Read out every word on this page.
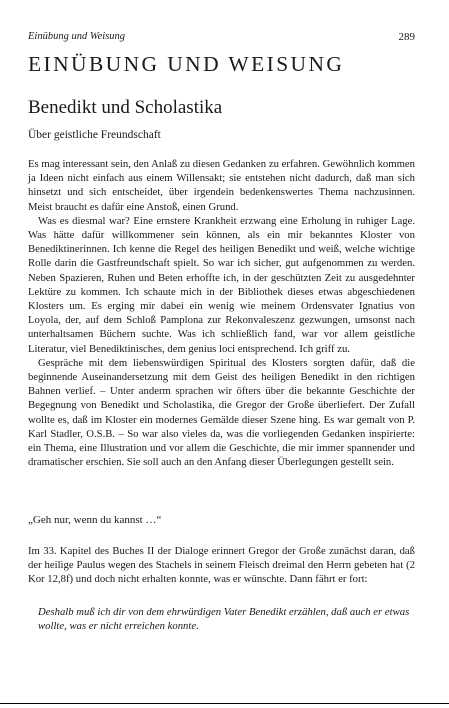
Einübung und Weisung	289
EINÜBUNG UND WEISUNG
Benedikt und Scholastika
Über geistliche Freundschaft

Es mag interessant sein, den Anlaß zu diesen Gedanken zu erfahren. Gewöhnlich kommen ja Ideen nicht einfach aus einem Willensakt; sie entstehen nicht dadurch, daß man sich hinsetzt und sich entscheidet, über irgendein bedenkenswertes Thema nachzusinnen. Meist braucht es dafür eine Anstoß, einen Grund.

Was es diesmal war? Eine ernstere Krankheit erzwang eine Erholung in ruhiger Lage. Was hätte dafür willkommener sein können, als ein mir bekanntes Kloster von Benediktinerinnen. Ich kenne die Regel des heiligen Benedikt und weiß, welche wichtige Rolle darin die Gastfreundschaft spielt. So war ich sicher, gut aufgenommen zu werden. Neben Spazieren, Ruhen und Beten erhoffte ich, in der geschützten Zeit zu ausgedehnter Lektüre zu kommen. Ich schaute mich in der Bibliothek dieses etwas abgeschiedenen Klosters um. Es erging mir dabei ein wenig wie meinem Ordensvater Ignatius von Loyola, der, auf dem Schloß Pamplona zur Rekonvaleszenz gezwungen, umsonst nach unterhaltsamen Büchern suchte. Was ich schließlich fand, war vor allem geistliche Literatur, viel Benediktinisches, dem genius loci entsprechend. Ich griff zu.

Gespräche mit dem liebenswürdigen Spiritual des Klosters sorgten dafür, daß die beginnende Auseinandersetzung mit dem Geist des heiligen Benedikt in den richtigen Bahnen verlief. – Unter anderm sprachen wir öfters über die bekannte Geschichte der Begegnung von Benedikt und Scholastika, die Gregor der Große überliefert. Der Zufall wollte es, daß im Kloster ein modernes Gemälde dieser Szene hing. Es war gemalt von P. Karl Stadler, O.S.B. – So war also vieles da, was die vorliegenden Gedanken inspirierte: ein Thema, eine Illustration und vor allem die Geschichte, die mir immer spannender und dramatischer erschien. Sie soll auch an den Anfang dieser Überlegungen gestellt sein.

„Geh nur, wenn du kannst …“

Im 33. Kapitel des Buches II der Dialoge erinnert Gregor der Große zunächst daran, daß der heilige Paulus wegen des Stachels in seinem Fleisch dreimal den Herrn gebeten hat (2 Kor 12,8f) und doch nicht erhalten konnte, was er wünschte. Dann fährt er fort:

Deshalb muß ich dir von dem ehrwürdigen Vater Benedikt erzählen, daß auch er etwas wollte, was er nicht erreichen konnte.
